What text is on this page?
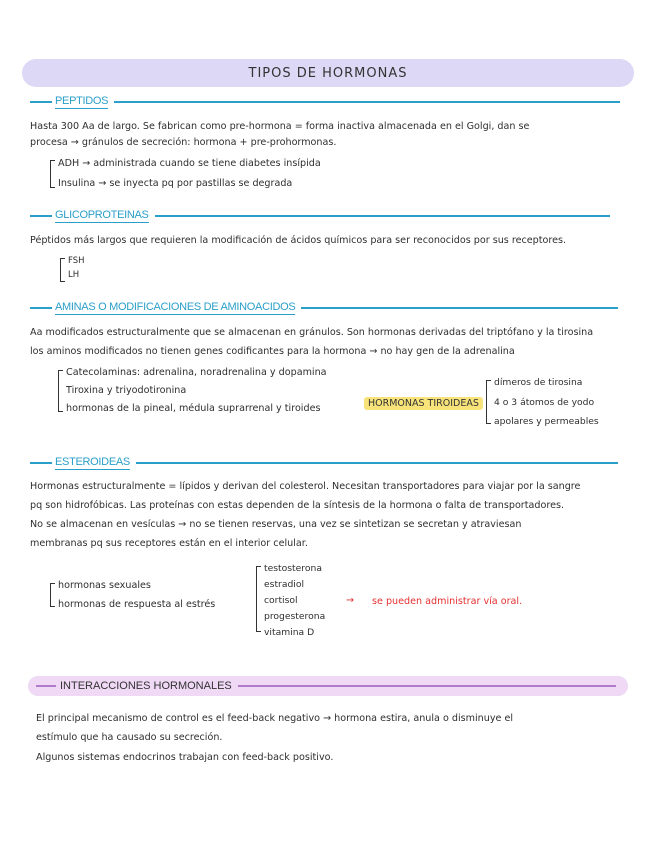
TIPOS DE HORMONAS
PEPTIDOS
Hasta 300 Aa de largo. Se fabrican como pre-hormona = forma inactiva almacenada en el Golgi, dan se
procesa → gránulos de secreción: hormona + pre-prohormonas.
ADH → administrada cuando se tiene diabetes insípida
Insulina → se inyecta pq por pastillas se degrada
GLICOPROTEINAS
Péptidos más largos que requieren la modificación de ácidos químicos para ser reconocidos por sus receptores.
FSH
LH
AMINAS O MODIFICACIONES DE AMINOACIDOS
Aa modificados estructuralmente que se almacenan en gránulos. Son hormonas derivadas del triptófano y la tirosina
los aminos modificados no tienen genes codificantes para la hormona → no hay gen de la adrenalina
Catecolaminas: adrenalina, noradrenalina y dopamina
Tiroxina y triyodotironina
hormonas de la pineal, médula suprarrenal y tiroides	HORMONAS TIROIDEAS
dímeros de tirosina
4 o 3 átomos de yodo
apolares y permeables
ESTEROIDEAS
Hormonas estructuralmente = lípidos y derivan del colesterol. Necesitan transportadores para viajar por la sangre
pq son hidrofóbicas. Las proteínas con estas dependen de la síntesis de la hormona o falta de transportadores.
No se almacenan en vesículas → no se tienen reservas, una vez se sintetizan se secretan y atraviesan
membranas pq sus receptores están en el interior celular.
hormonas sexuales
hormonas de respuesta al estrés
testosterona
estradiol
cortisol
progesterona
vitamina D
→ se pueden administrar vía oral.
INTERACCIONES HORMONALES
El principal mecanismo de control es el feed-back negativo → hormona estira, anula o disminuye el
estímulo que ha causado su secreción.
Algunos sistemas endocrinos trabajan con feed-back positivo.
